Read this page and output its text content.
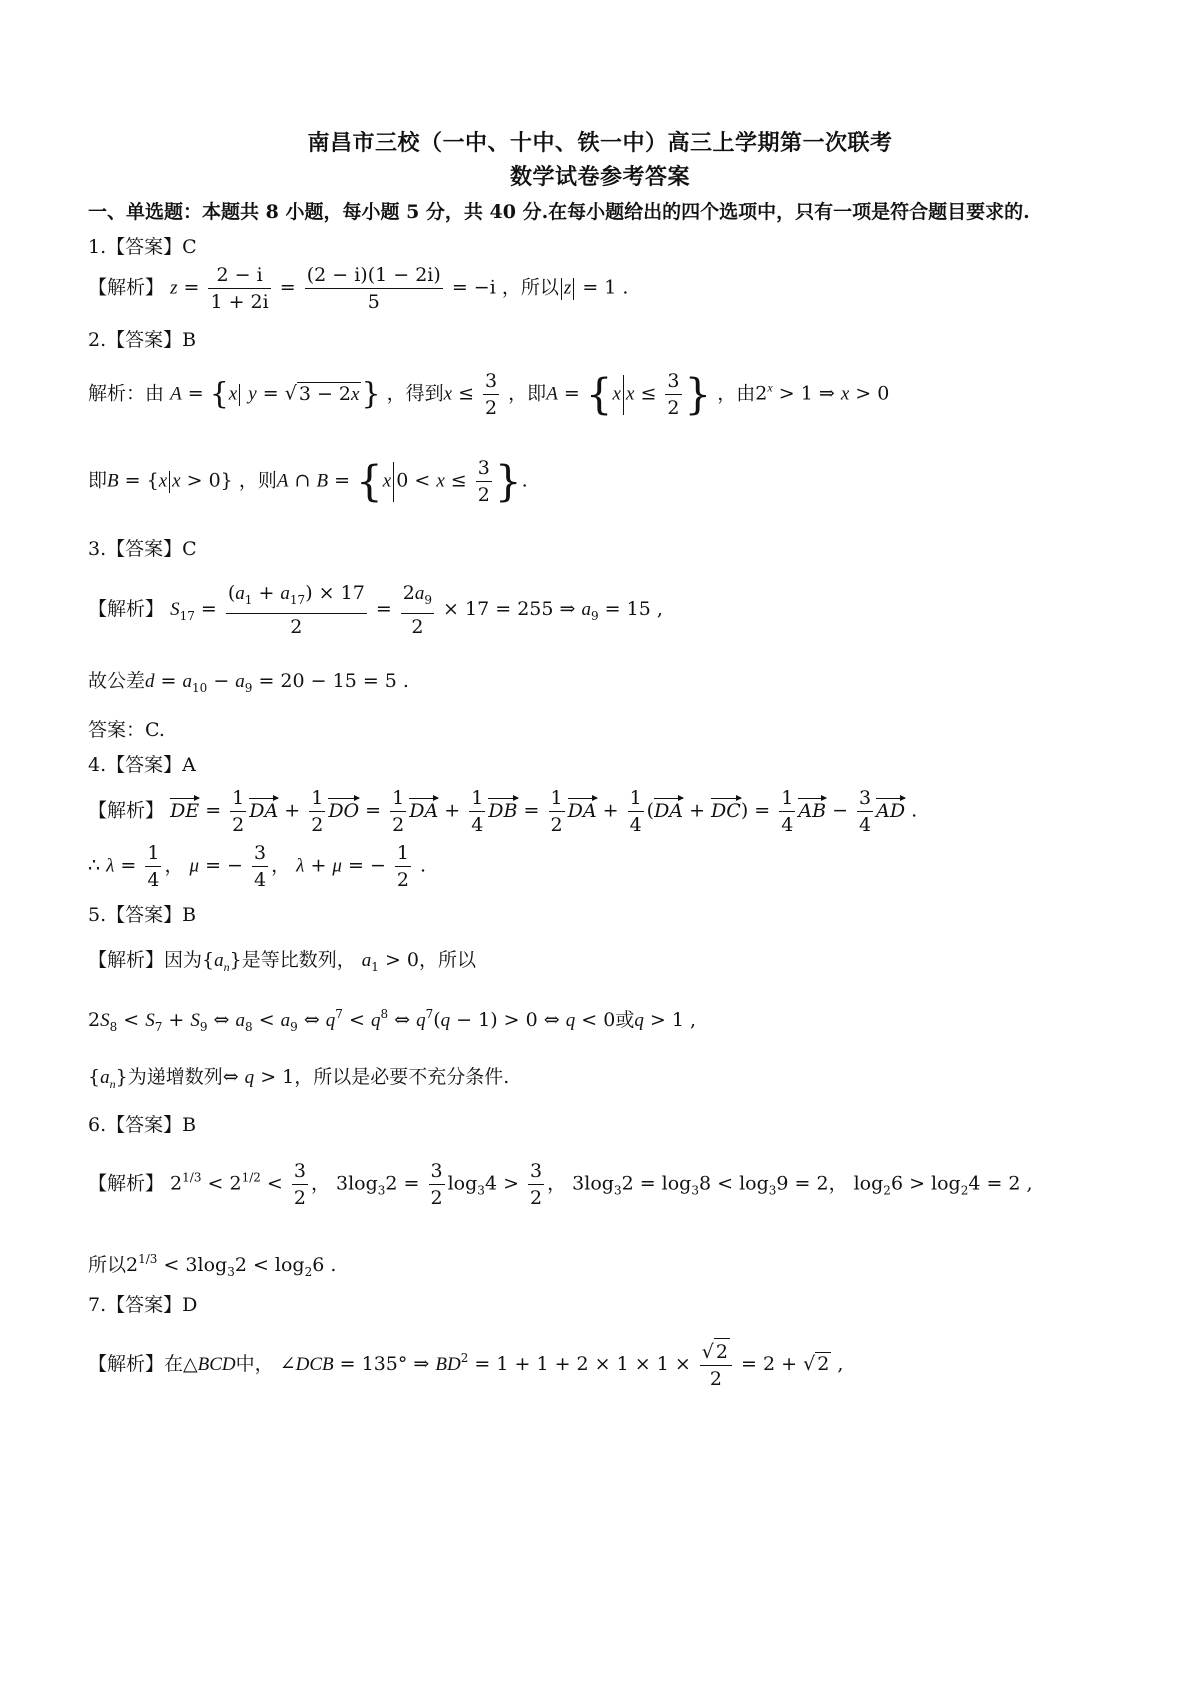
南昌市三校（一中、十中、铁一中）高三上学期第一次联考
数学试卷参考答案
一、单选题：本题共 8 小题，每小题 5 分，共 40 分.在每小题给出的四个选项中，只有一项是符合题目要求的.
1.【答案】C
【解析】 $z = \frac{2 - i}{1 + 2i} = \frac{(2 - i)(1 - 2i)}{5} = -i$ ，所以 z = 1 .
2.【答案】B
解析：由 A = {x y = √ 3 − 2x} ，得到$x \le \frac{3}{2}$ ，即A = {x $x \le \frac{3}{2}$ } ，由$2^x > 1$ ⇒ x > 0
即B = {x x > 0} ，则A ∩ B = {x $0 < x \le \frac{3}{2}$ }.
3.【答案】C
【解析】 $S_{17} = \frac{(a_1 + a_{17}) \times 17}{2} = \frac{2a_9}{2} \times 17 = 255$ ⇒ $a_9 = 15$ ,
故公差$d = a_{10} - a_9 = 20 - 15 = 5$ .
答案：C.
4.【答案】A
【解析】 DE = $\frac{1}{2}$ DA + $\frac{1}{2}$ DO = $\frac{1}{2}$ DA + $\frac{1}{4}$ DB = $\frac{1}{2}$ DA + $\frac{1}{4} (DA + DC) = \frac{1}{4}$ AB − $\frac{3}{4}$ AD .
∴ $\lambda = \frac{1}{4}$ ， μ = − $\frac{3}{4}$ ， λ + μ = − $\frac{1}{2}$ .
5.【答案】B
【解析】因为$\{a_n\}$是等比数列， $a_1 > 0$，所以
$2S_8 < S_7 + S_9$ ⇔ $a_8 < a_9$ ⇔ $q^7 < q^8$ ⇔ $q^7(q - 1) > 0$ ⇔ q < 0或q > 1 ,
$\{a_n\}$为递增数列⇔ q > 1，所以是必要不充分条件.
6.【答案】B
【解析】 $2^{1/3} < 2^{1/2} < \frac{3}{2}$ ， $3\log_32 = \frac{3}{2} \log_34 > \frac{3}{2}$ ， $3\log_32 = \log_38 < \log_39 = 2$， $\log_26 > \log_24 = 2$ ,
所以$2^{1/3} < 3\log_32 < \log_26$ .
7.【答案】D
【解析】在△BCD中， ∠DCB = 135° ⇒ $BD^2 = 1 + 1 + 2 \times 1 \times 1 \times \frac{√ 2}{2} = 2$ + √ 2 ,
